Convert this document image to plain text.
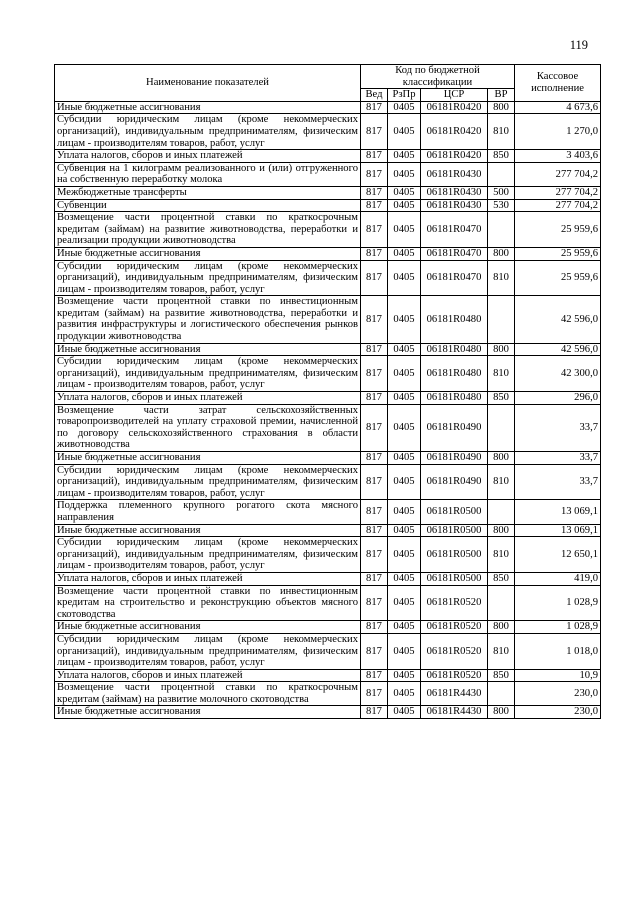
119
Наименование показателей	Код по бюджетной классификации				Кассовое исполнение
	Вед	РзПр	ЦСР	ВР	
Иные бюджетные ассигнования	817	0405	06181R0420	800	4 673,6
Субсидии юридическим лицам (кроме некоммерческих организаций), индивидуальным предпринимателям, физическим лицам - производителям товаров, работ, услуг	817	0405	06181R0420	810	1 270,0
Уплата налогов, сборов и иных платежей	817	0405	06181R0420	850	3 403,6
Субвенция на 1 килограмм реализованного и (или) отгруженного на собственную переработку молока	817	0405	06181R0430		277 704,2
Межбюджетные трансферты	817	0405	06181R0430	500	277 704,2
Субвенции	817	0405	06181R0430	530	277 704,2
Возмещение части процентной ставки по краткосрочным кредитам (займам) на развитие животноводства, переработки и реализации продукции животноводства	817	0405	06181R0470		25 959,6
Иные бюджетные ассигнования	817	0405	06181R0470	800	25 959,6
Субсидии юридическим лицам (кроме некоммерческих организаций), индивидуальным предпринимателям, физическим лицам - производителям товаров, работ, услуг	817	0405	06181R0470	810	25 959,6
Возмещение части процентной ставки по инвестиционным кредитам (займам) на развитие животноводства, переработки и развития инфраструктуры и логистического обеспечения рынков продукции животноводства	817	0405	06181R0480		42 596,0
Иные бюджетные ассигнования	817	0405	06181R0480	800	42 596,0
Субсидии юридическим лицам (кроме некоммерческих организаций), индивидуальным предпринимателям, физическим лицам - производителям товаров, работ, услуг	817	0405	06181R0480	810	42 300,0
Уплата налогов, сборов и иных платежей	817	0405	06181R0480	850	296,0
Возмещение части затрат сельскохозяйственных товаропроизводителей на уплату страховой премии, начисленной по договору сельскохозяйственного страхования в области животноводства	817	0405	06181R0490		33,7
Иные бюджетные ассигнования	817	0405	06181R0490	800	33,7
Субсидии юридическим лицам (кроме некоммерческих организаций), индивидуальным предпринимателям, физическим лицам - производителям товаров, работ, услуг	817	0405	06181R0490	810	33,7
Поддержка племенного крупного рогатого скота мясного направления	817	0405	06181R0500		13 069,1
Иные бюджетные ассигнования	817	0405	06181R0500	800	13 069,1
Субсидии юридическим лицам (кроме некоммерческих организаций), индивидуальным предпринимателям, физическим лицам - производителям товаров, работ, услуг	817	0405	06181R0500	810	12 650,1
Уплата налогов, сборов и иных платежей	817	0405	06181R0500	850	419,0
Возмещение части процентной ставки по инвестиционным кредитам на строительство и реконструкцию объектов мясного скотоводства	817	0405	06181R0520		1 028,9
Иные бюджетные ассигнования	817	0405	06181R0520	800	1 028,9
Субсидии юридическим лицам (кроме некоммерческих организаций), индивидуальным предпринимателям, физическим лицам - производителям товаров, работ, услуг	817	0405	06181R0520	810	1 018,0
Уплата налогов, сборов и иных платежей	817	0405	06181R0520	850	10,9
Возмещение части процентной ставки по краткосрочным кредитам (займам) на развитие молочного скотоводства	817	0405	06181R4430		230,0
Иные бюджетные ассигнования	817	0405	06181R4430	800	230,0
